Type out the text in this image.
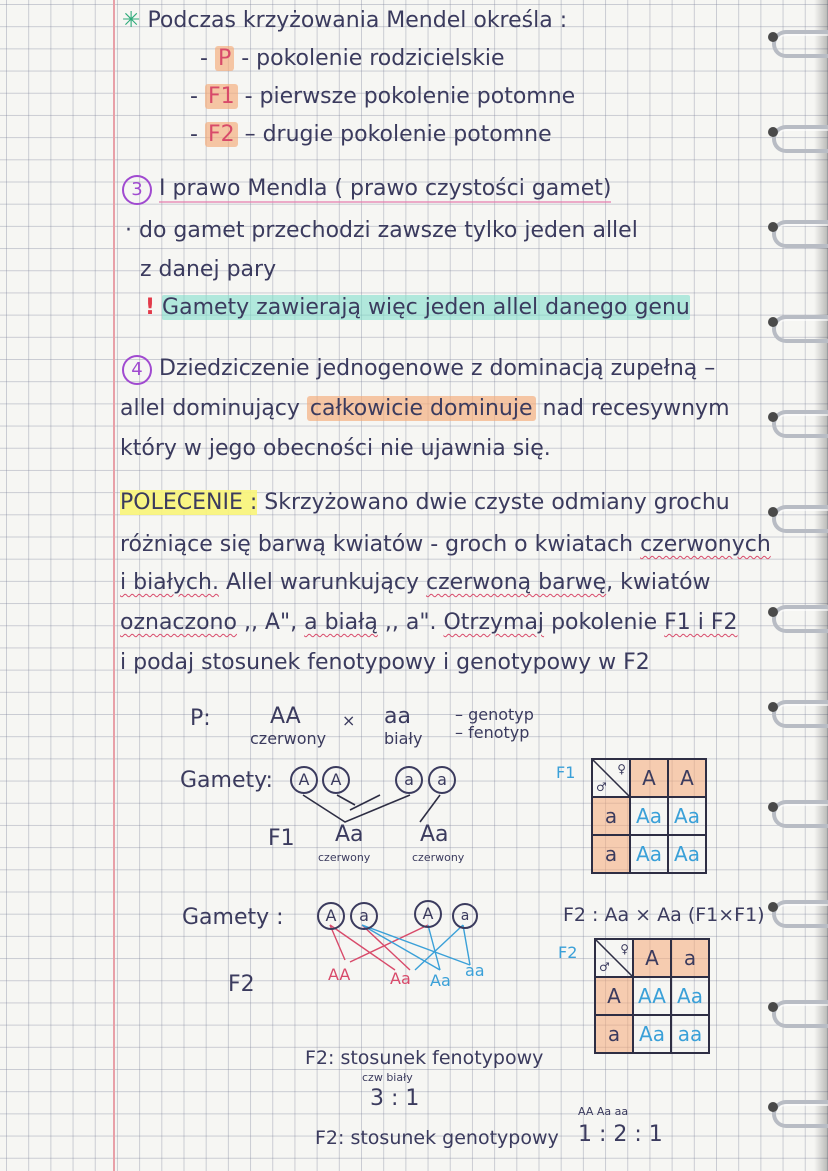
✳ Podczas krzyżowania Mendel określa :
- P - pokolenie rodzicielskie
- F1 - pierwsze pokolenie potomne
- F2 – drugie pokolenie potomne
3 I prawo Mendla ( prawo czystości gamet)
· do gamet przechodzi zawsze tylko jeden allel
z danej pary
! Gamety zawierają więc jeden allel danego genu
4 Dziedziczenie jednogenowe z dominacją zupełną –
allel dominujący całkowicie dominuje nad recesywnym
który w jego obecności nie ujawnia się.
POLECENIE : Skrzyżowano dwie czyste odmiany grochu
różniące się barwą kwiatów - groch o kwiatach czerwonych
i białych. Allel warunkujący czerwoną barwę, kwiatów
oznaczono ,, A", a białą ,, a". Otrzymaj pokolenie F1 i F2
i podaj stosunek fenotypowy i genotypowy w F2
P:	AA	× aa	– genotyp
– fenotyp
czerwony	biały
Gamety:	A	A	a	a
F1 Aa	Aa
czerwony	czerwony
Gamety :	A	a	A	a
F2	AA Aa Aa
aa
F1
♂
♀	A	A
a	Aa	Aa
a	Aa	Aa
F2 : Aa × Aa (F1×F1)
F2
♂
♀	A	a
A	AA	Aa
a	Aa	aa
F2: stosunek fenotypowy
czw biały
3 : 1
AA Aa aa
F2: stosunek genotypowy 1 : 2 : 1
